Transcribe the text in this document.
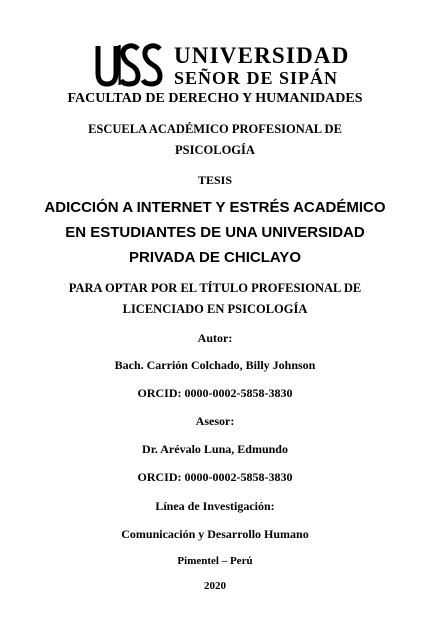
UNIVERSIDAD
SEÑOR DE SIPÁN
FACULTAD DE DERECHO Y HUMANIDADES
ESCUELA ACADÉMICO PROFESIONAL DE
PSICOLOGÍA
TESIS
ADICCIÓN A INTERNET Y ESTRÉS ACADÉMICO
EN ESTUDIANTES DE UNA UNIVERSIDAD
PRIVADA DE CHICLAYO
PARA OPTAR POR EL TÍTULO PROFESIONAL DE
LICENCIADO EN PSICOLOGÍA
Autor:
Bach. Carrión Colchado, Billy Johnson
ORCID: 0000-0002-5858-3830
Asesor:
Dr. Arévalo Luna, Edmundo
ORCID: 0000-0002-5858-3830
Línea de Investigación:
Comunicación y Desarrollo Humano
Pimentel – Perú
2020
